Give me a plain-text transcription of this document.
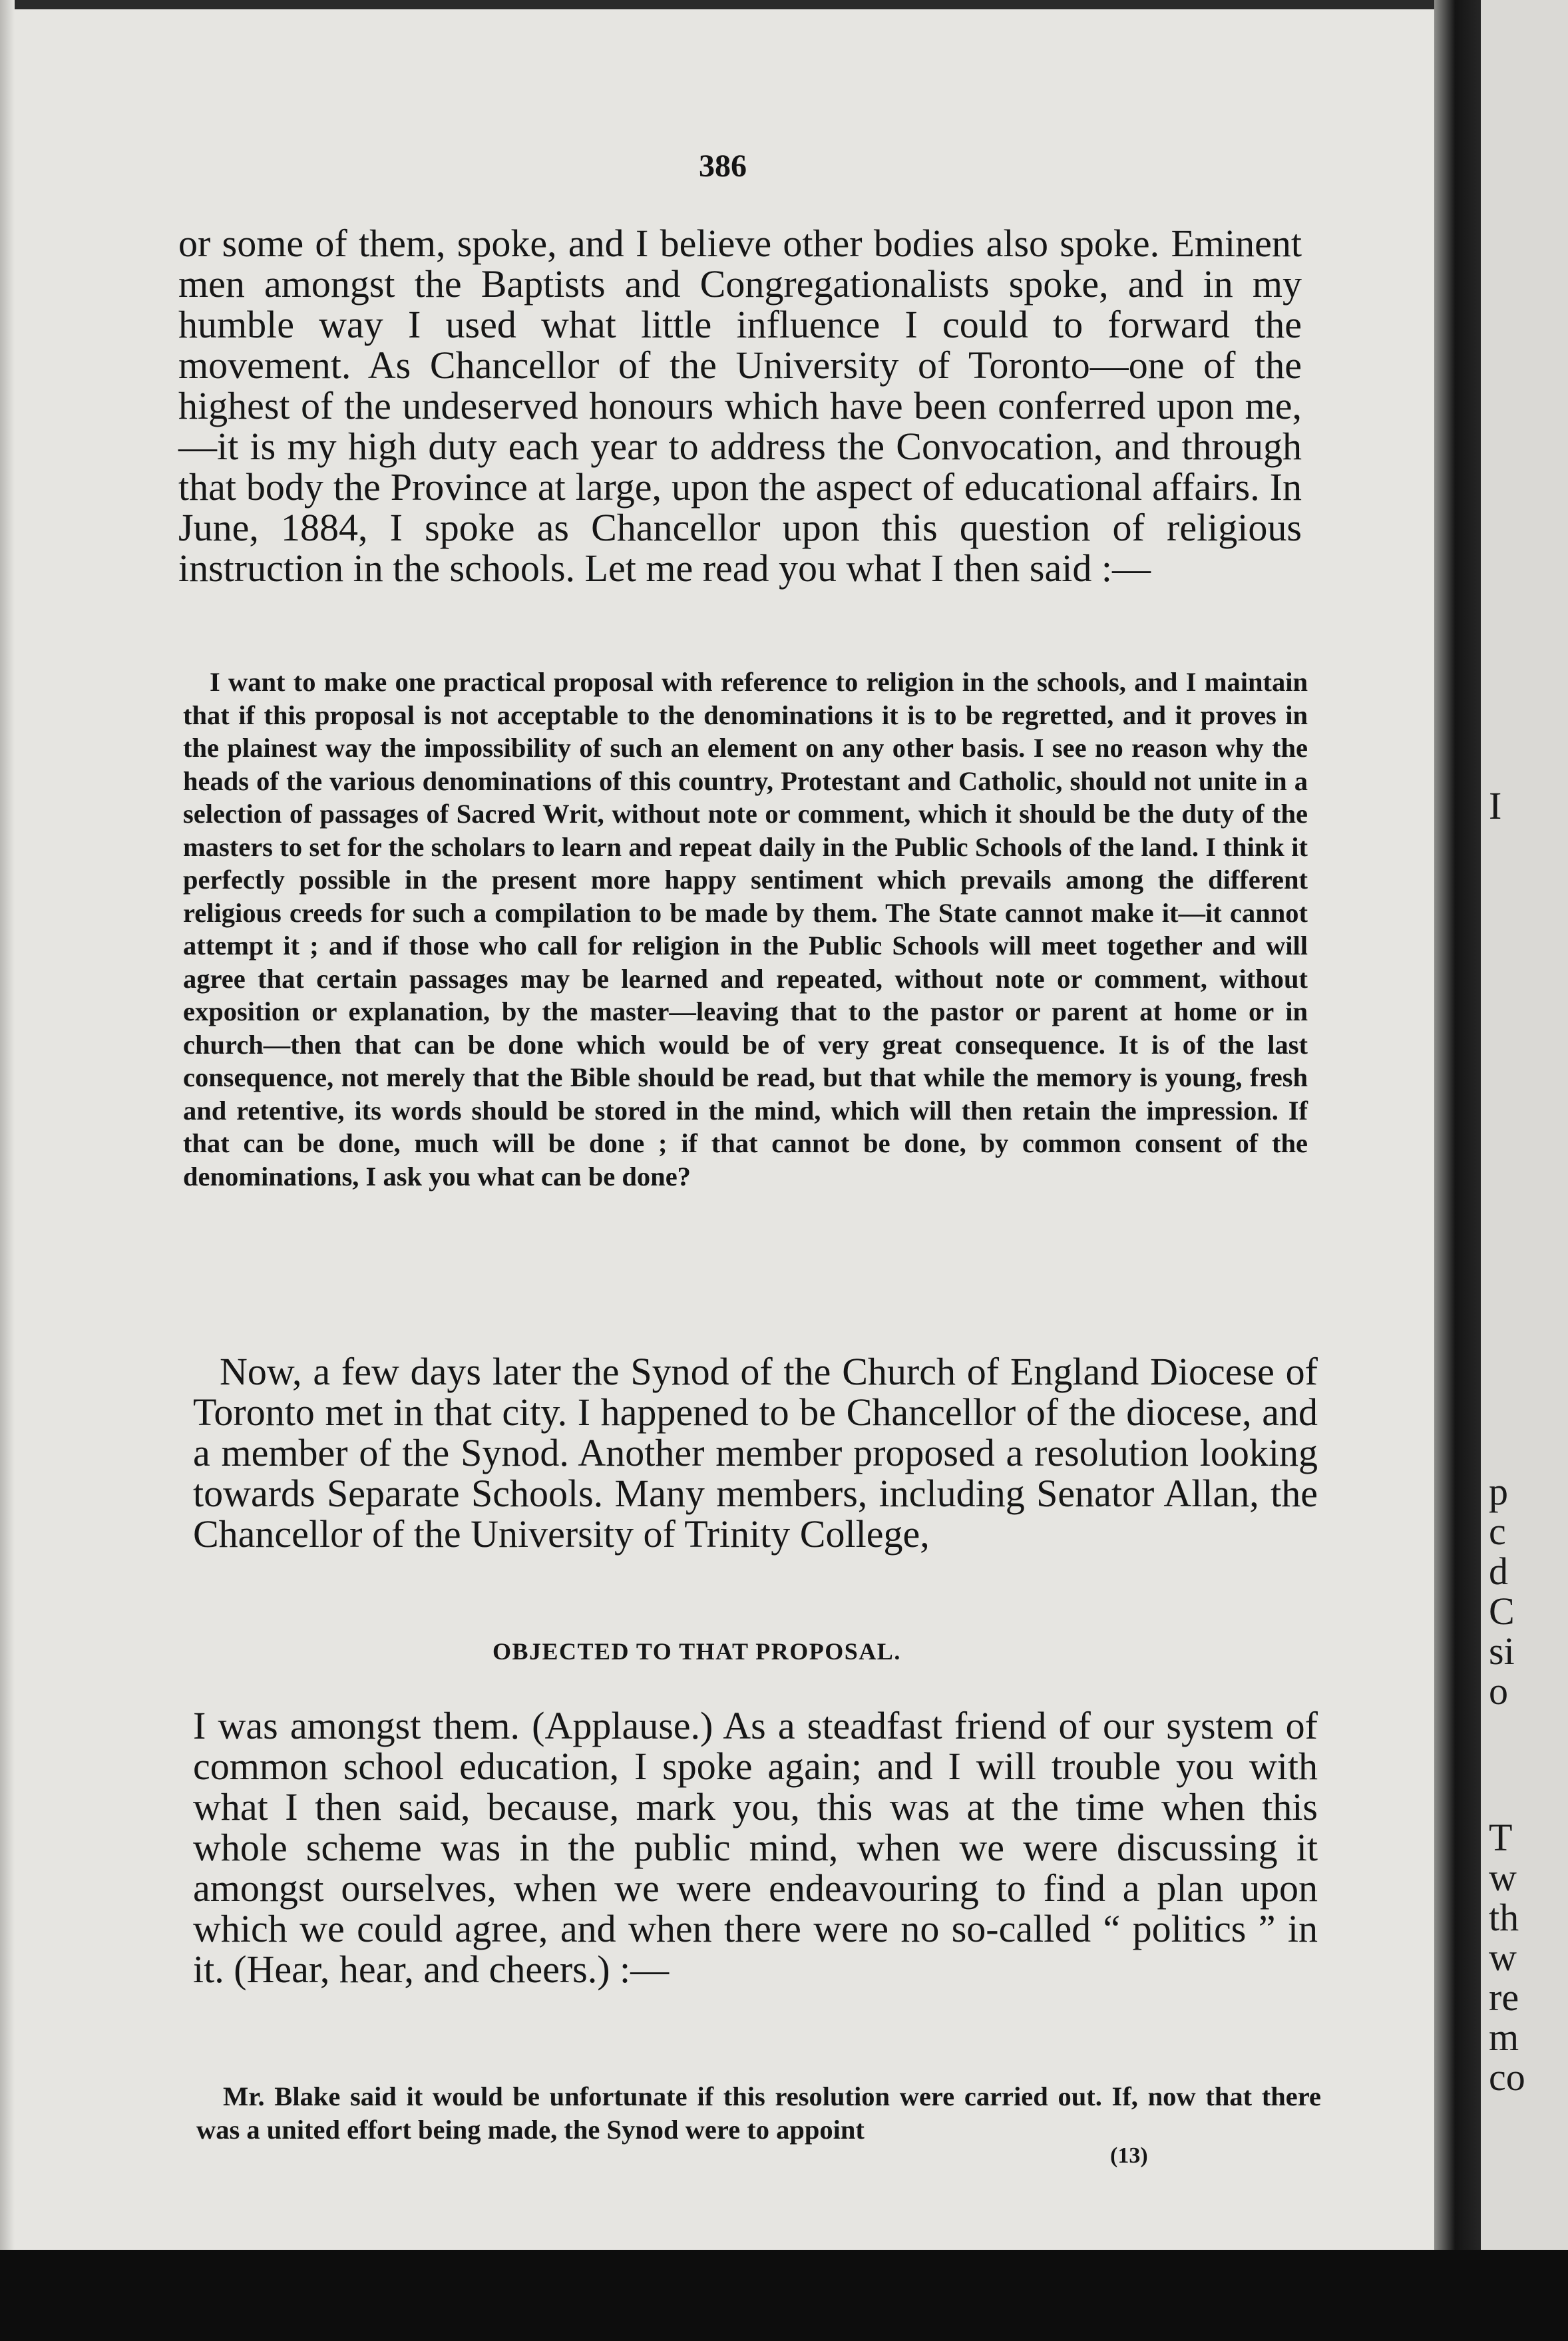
386

or some of them, spoke, and I believe other bodies also spoke. Eminent men amongst the Baptists and Congregationalists spoke, and in my humble way I used what little influence I could to forward the movement. As Chancellor of the University of Toronto—one of the highest of the undeserved honours which have been conferred upon me,—it is my high duty each year to address the Convocation, and through that body the Province at large, upon the aspect of educational affairs. In June, 1884, I spoke as Chancellor upon this question of religious instruction in the schools. Let me read you what I then said :—

I want to make one practical proposal with reference to religion in the schools, and I maintain that if this proposal is not acceptable to the denominations it is to be regretted, and it proves in the plainest way the impossibility of such an element on any other basis. I see no reason why the heads of the various denominations of this country, Protestant and Catholic, should not unite in a selection of passages of Sacred Writ, without note or comment, which it should be the duty of the masters to set for the scholars to learn and repeat daily in the Public Schools of the land. I think it perfectly possible in the present more happy sentiment which prevails among the different religious creeds for such a compilation to be made by them. The State cannot make it—it cannot attempt it ; and if those who call for religion in the Public Schools will meet together and will agree that certain passages may be learned and repeated, without note or comment, without exposition or explanation, by the master—leaving that to the pastor or parent at home or in church—then that can be done which would be of very great consequence. It is of the last consequence, not merely that the Bible should be read, but that while the memory is young, fresh and retentive, its words should be stored in the mind, which will then retain the impression. If that can be done, much will be done ; if that cannot be done, by common consent of the denominations, I ask you what can be done?

Now, a few days later the Synod of the Church of England Diocese of Toronto met in that city. I happened to be Chancellor of the diocese, and a member of the Synod. Another member proposed a resolution looking towards Separate Schools. Many members, including Senator Allan, the Chancellor of the University of Trinity College,

OBJECTED TO THAT PROPOSAL.

I was amongst them. (Applause.) As a steadfast friend of our system of common school education, I spoke again; and I will trouble you with what I then said, because, mark you, this was at the time when this whole scheme was in the public mind, when we were discussing it amongst ourselves, when we were endeavouring to find a plan upon which we could agree, and when there were no so-called “ politics ” in it. (Hear, hear, and cheers.) :—

Mr. Blake said it would be unfortunate if this resolution were carried out. If, now that there was a united effort being made, the Synod were to appoint

(13)
I
p
c
d
C
si
o
T
w
th
w
re
m
co
